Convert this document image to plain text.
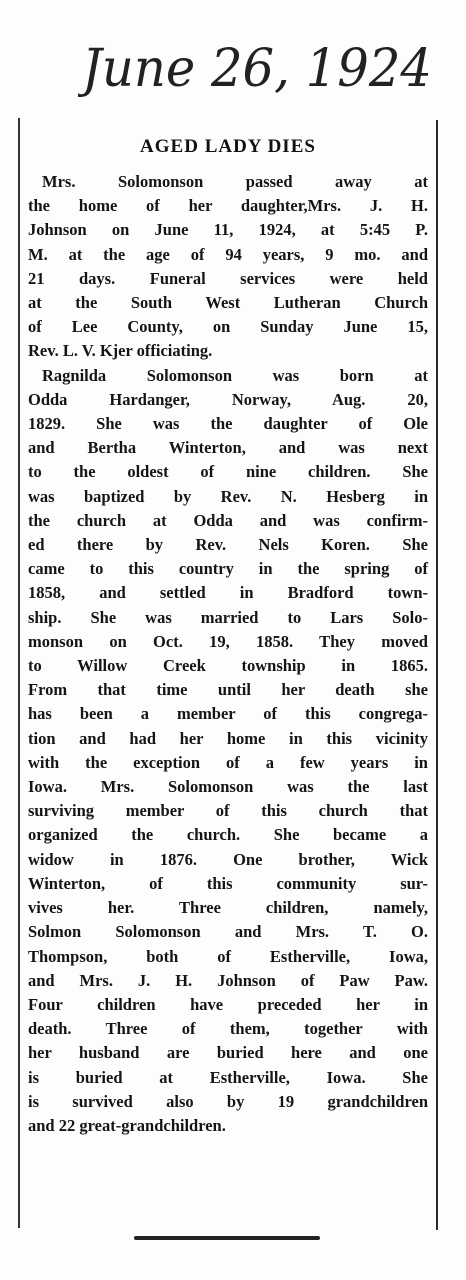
June 26, 1924
AGED LADY DIES
Mrs. Solomonson passed away at
the home of her daughter,Mrs. J. H.
Johnson on June 11, 1924, at 5:45 P.
M. at the age of 94 years, 9 mo. and
21 days. Funeral services were held
at the South West Lutheran Church
of Lee County, on Sunday June 15,
Rev. L. V. Kjer officiating.
Ragnilda Solomonson was born at
Odda Hardanger, Norway, Aug. 20,
1829. She was the daughter of Ole
and Bertha Winterton, and was next
to the oldest of nine children. She
was baptized by Rev. N. Hesberg in
the church at Odda and was confirm-
ed there by Rev. Nels Koren. She
came to this country in the spring of
1858, and settled in Bradford town-
ship. She was married to Lars Solo-
monson on Oct. 19, 1858. They moved
to Willow Creek township in 1865.
From that time until her death she
has been a member of this congrega-
tion and had her home in this vicinity
with the exception of a few years in
Iowa. Mrs. Solomonson was the last
surviving member of this church that
organized the church. She became a
widow in 1876. One brother, Wick
Winterton, of this community sur-
vives her. Three children, namely,
Solmon Solomonson and Mrs. T. O.
Thompson, both of Estherville, Iowa,
and Mrs. J. H. Johnson of Paw Paw.
Four children have preceded her in
death. Three of them, together with
her husband are buried here and one
is buried at Estherville, Iowa. She
is survived also by 19 grandchildren
and 22 great-grandchildren.
